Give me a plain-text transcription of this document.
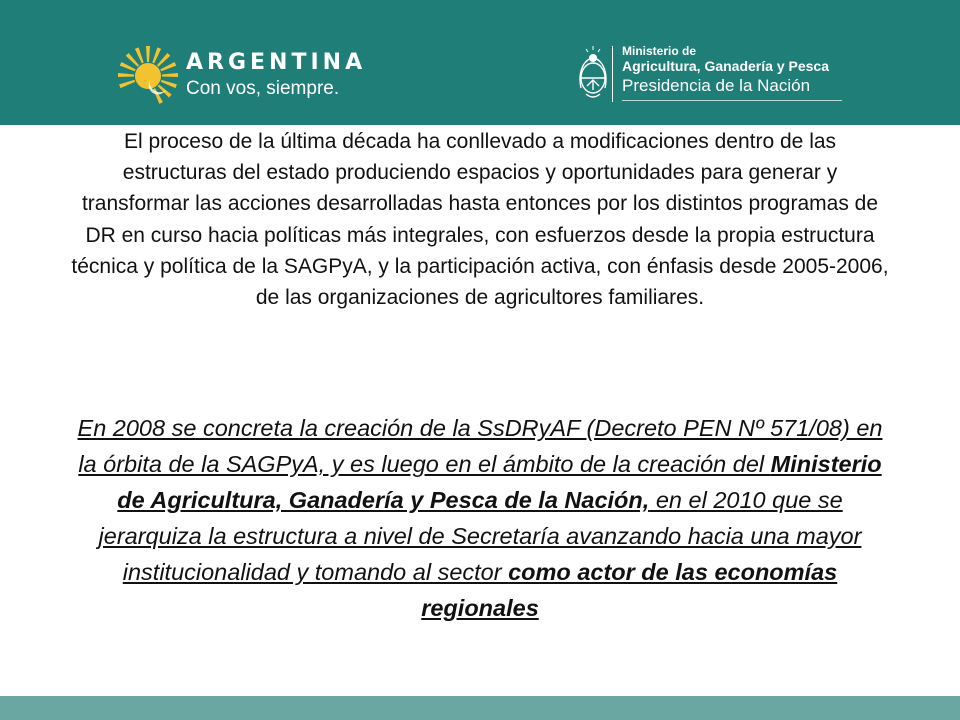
ARGENTINA
Con vos, siempre.
Ministerio de
Agricultura, Ganadería y Pesca
Presidencia de la Nación
El proceso de la última década ha conllevado a modificaciones dentro de las estructuras del estado produciendo espacios y oportunidades para generar y transformar las acciones desarrolladas hasta entonces por los distintos programas de DR en curso hacia políticas más integrales, con esfuerzos desde la propia estructura técnica y política de la SAGPyA, y la participación activa, con énfasis desde 2005-2006, de las organizaciones de agricultores familiares.
En 2008 se concreta la creación de la SsDRyAF (Decreto PEN Nº 571/08) en la órbita de la SAGPyA, y es luego en el ámbito de la creación del Ministerio de Agricultura, Ganadería y Pesca de la Nación, en el 2010 que se jerarquiza la estructura a nivel de Secretaría avanzando hacia una mayor institucionalidad y tomando al sector como actor de las economías regionales
